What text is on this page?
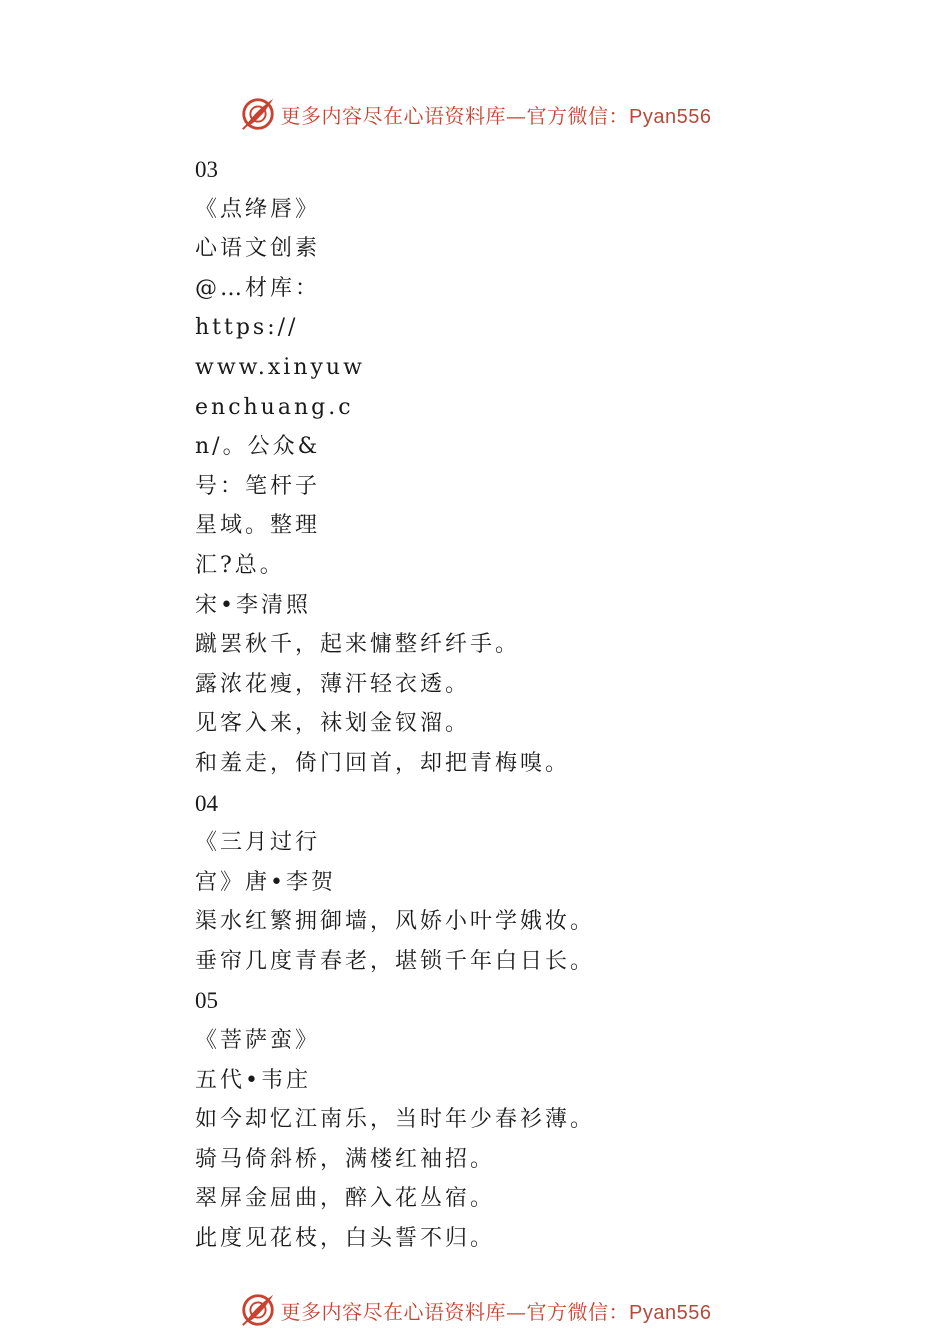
更多内容尽在心语资料库—官方微信：Pyan556
03
《点绛唇》
心语文创素
@…材库：
https://
www.xinyuw
enchuang.c
n/。公众&
号：笔杆子
星域。整理
汇?总。
宋•李清照
蹴罢秋千，起来慵整纤纤手。
露浓花瘦，薄汗轻衣透。
见客入来，袜划金钗溜。
和羞走，倚门回首，却把青梅嗅。
04
《三月过行
宫》唐•李贺
渠水红繁拥御墙，风娇小叶学娥妆。
垂帘几度青春老，堪锁千年白日长。
05
《菩萨蛮》
五代•韦庄
如今却忆江南乐，当时年少春衫薄。
骑马倚斜桥，满楼红袖招。
翠屏金屈曲，醉入花丛宿。
此度见花枝，白头誓不归。
更多内容尽在心语资料库—官方微信：Pyan556
